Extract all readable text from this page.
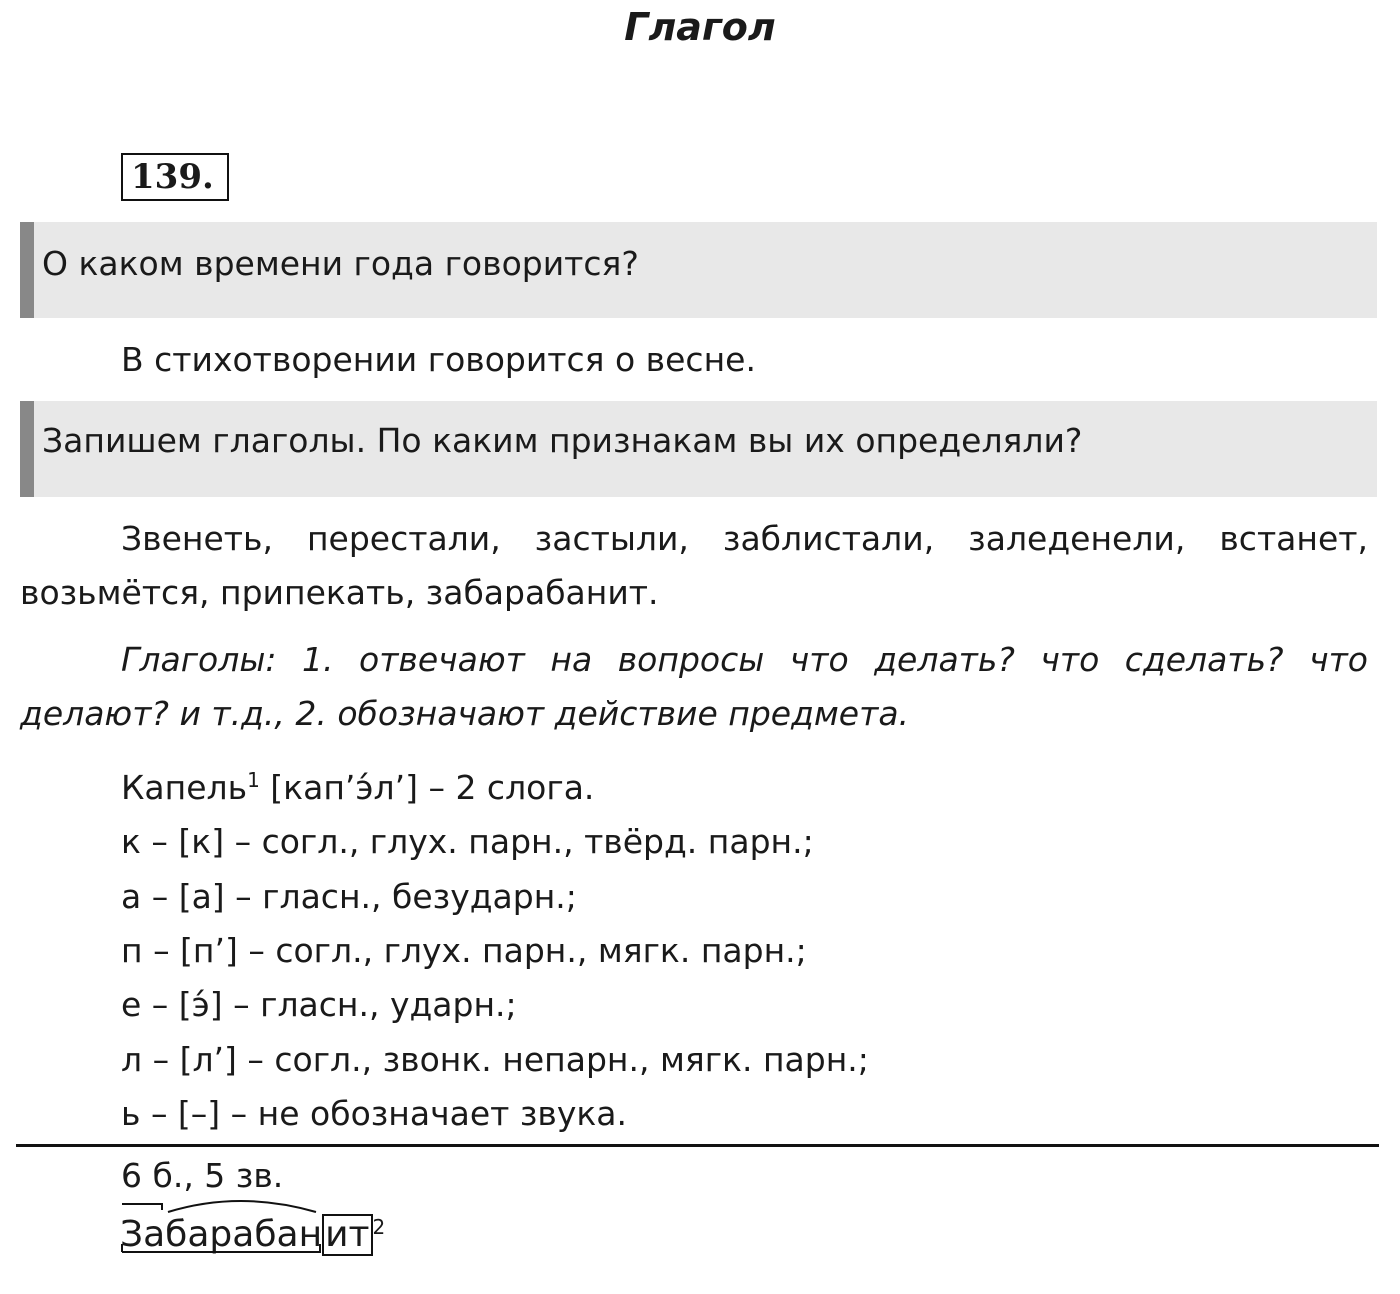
Глагол
139.
О каком времени года говорится?
В стихотворении говорится о весне.
Запишем глаголы. По каким признакам вы их определяли?
Звенеть, перестали, застыли, заблистали, заледенели, встанет, возьмётся, припекать, забарабанит.
Глаголы: 1. отвечают на вопросы что делать? что сделать? что делают? и т.д., 2. обозначают действие предмета.
Капель$^1$ [кап’э́л’] – 2 слога.
к – [к] – согл., глух. парн., твёрд. парн.;
а – [а] – гласн., безударн.;
п – [п’] – согл., глух. парн., мягк. парн.;
е – [э́] – гласн., ударн.;
л – [л’] – согл., звонк. непарн., мягк. парн.;
ь – [–] – не обозначает звука.
6 б., 5 зв.
Забарабанит $^2$
